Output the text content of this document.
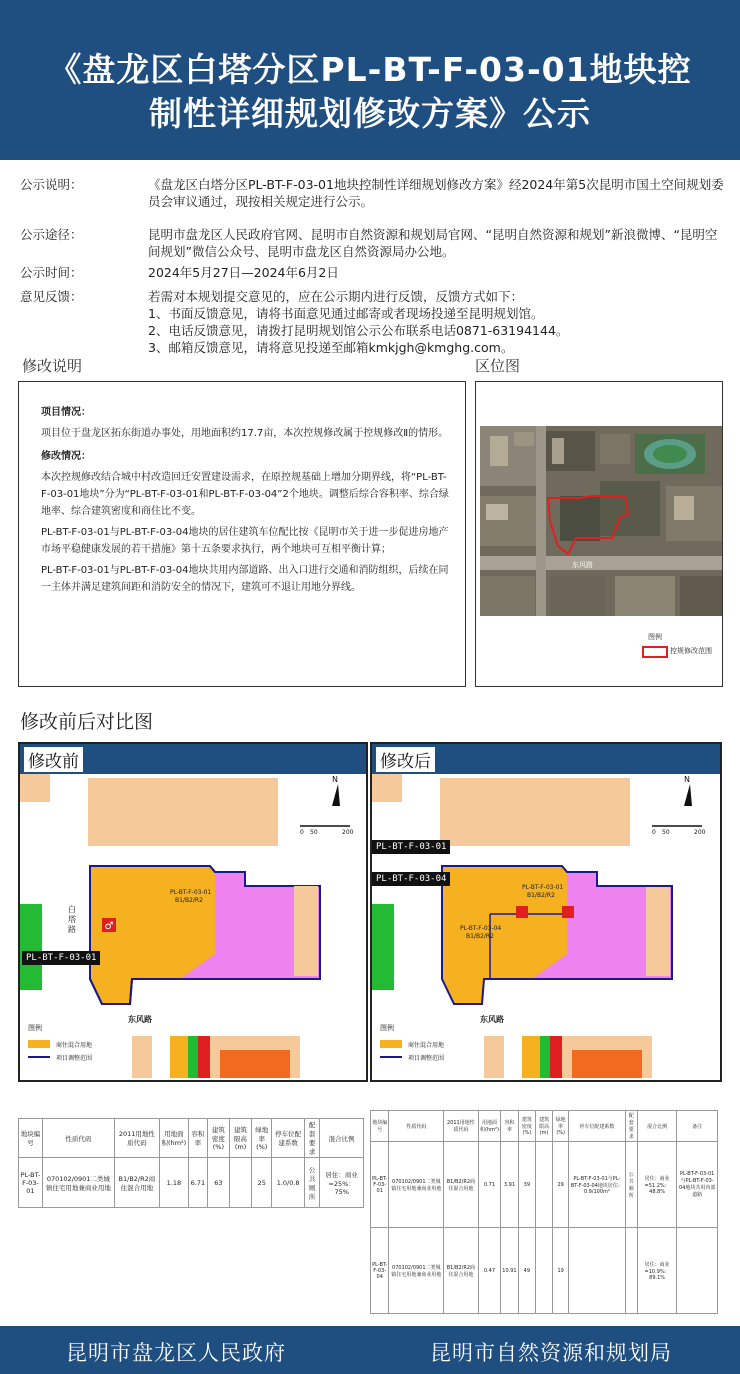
《盘龙区白塔分区PL-BT-F-03-01地块控
制性详细规划修改方案》公示
公示说明：	《盘龙区白塔分区PL-BT-F-03-01地块控制性详细规划修改方案》经2024年第5次昆明市国土空间规划委员会审议通过，现按相关规定进行公示。
公示途径：	昆明市盘龙区人民政府官网、昆明市自然资源和规划局官网、“昆明自然资源和规划”新浪微博、“昆明空间规划”微信公众号、昆明市盘龙区自然资源局办公地。
公示时间：	2024年5月27日—2024年6月2日
意见反馈：	若需对本规划提交意见的，应在公示期内进行反馈，反馈方式如下：
1、书面反馈意见，请将书面意见通过邮寄或者现场投递至昆明规划馆。
2、电话反馈意见，请拨打昆明规划馆公示公布联系电话0871-63194144。
3、邮箱反馈意见，请将意见投递至邮箱kmkjgh@kmghg.com。
修改说明	区位图

项目情况：

项目位于盘龙区拓东街道办事处，用地面积约17.7亩，本次控规修改属于控规修改Ⅱ的情形。

修改情况：

本次控规修改结合城中村改造回迁安置建设需求，在原控规基础上增加分期界线，将“PL-BT-F-03-01地块”分为“PL-BT-F-03-01和PL-BT-F-03-04”2个地块。调整后综合容积率、综合绿地率、综合建筑密度和商住比不变。

PL-BT-F-03-01与PL-BT-F-03-04地块的居住建筑车位配比按《昆明市关于进一步促进房地产市场平稳健康发展的若干措施》第十五条要求执行，两个地块可互相平衡计算；

PL-BT-F-03-01与PL-BT-F-03-04地块共用内部道路、出入口进行交通和消防组织，后续在同一主体并满足建筑间距和消防安全的情况下，建筑可不退让用地分界线。

东风路
图例
控规修改范围
修改前后对比图
修改前
♂
PL-BT-F-03-01
B1/B2/R2
白
塔
路
东风路
N
0 50	200
图例
商住混合用地
项目调整范围
PL-BT-F-03-01
修改后
PL-BT-F-03-01
B1/B2/R2
PL-BT-F-03-04
B1/B2/R2
东风路
N
0 50	200
图例
商住混合用地
项目调整范围
PL-BT-F-03-01
PL-BT-F-03-04
地块编号	性质代码	2011用地性质代码	用地面积(hm²)	容积率	建筑密度(%)	建筑限高(m)	绿地率(%)	停车位配建系数	配套要求	混合比例
PL-BT-F-03-01	070102/0901二类城镇住宅用地兼商业用地	B1/B2/R2商住混合用地	1.18	6.71	63		25	1.0/0.8	公共厕所	居住：商业=25%：75%
地块编号	性质代码	2011用地性质代码	用地面积(hm²)	容积率	建筑密度(%)	建筑限高(m)	绿地率(%)	停车位配建系数	配套要求	混合比例	备注
PL-BT-F-03-01	070102/0901二类城镇住宅用地兼商业用地	B1/B2/R2商住混合用地	0.71	3.91	39		29	PL-BT-F-03-01与PL-BT-F-03-04地块居住：0.9/100m²	公共厕所	居住：商业=51.2%：48.8%	PL-BT-F-03-01与PL-BT-F-03-04地块共用内部道路
PL-BT-F-03-04	070102/0901二类城镇住宅用地兼商业用地	B1/B2/R2商住混合用地	0.47	10.91	49		19			居住：商业=10.9%：89.1%	
昆明市盘龙区人民政府	昆明市自然资源和规划局
